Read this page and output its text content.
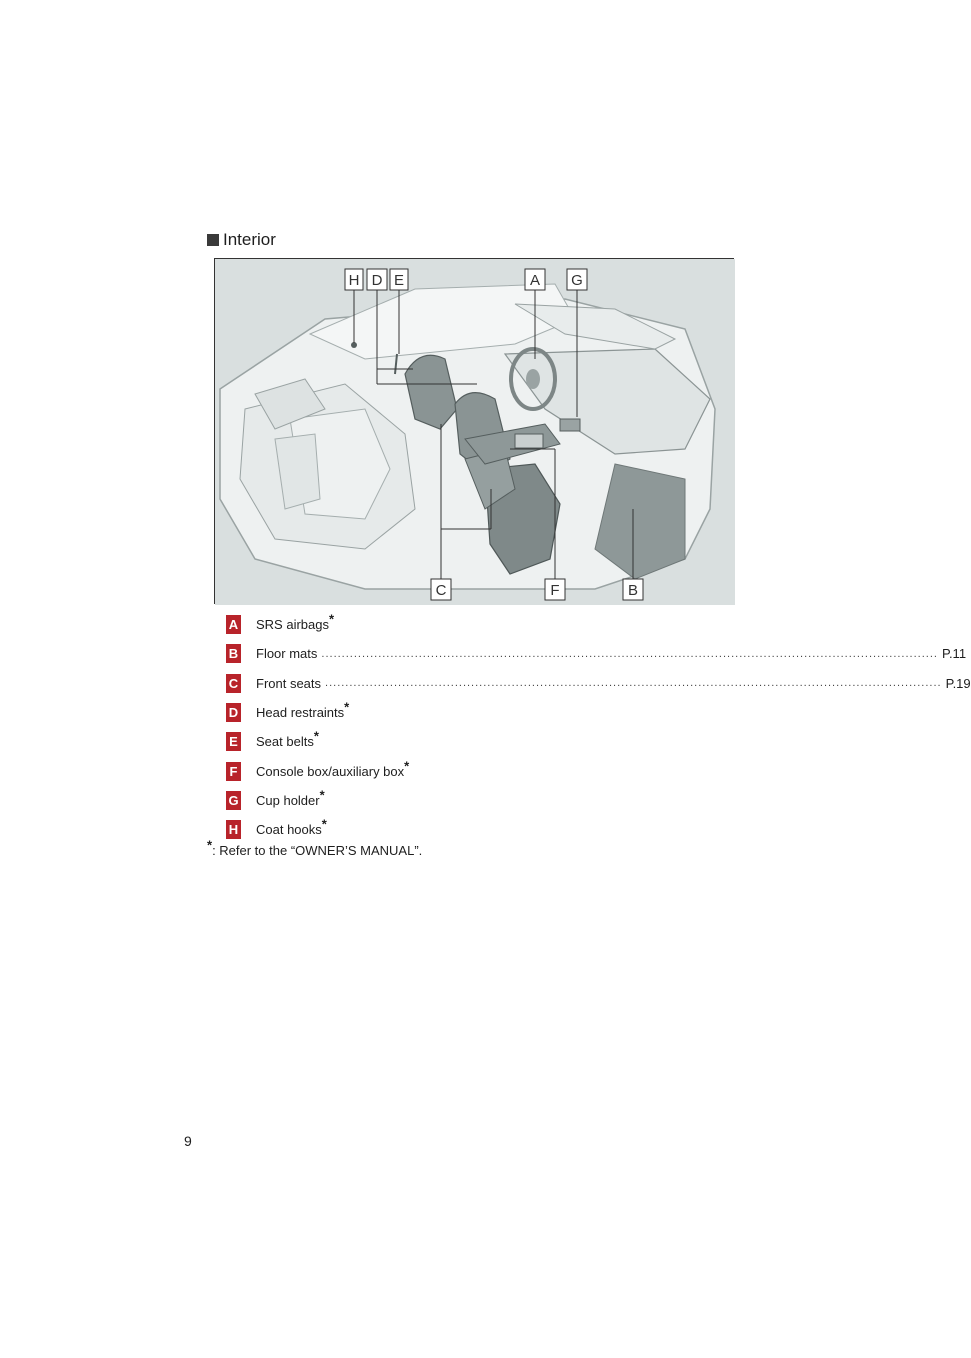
Interior
H D E	A G
C	F	B
A SRS airbags*
B Floor mats ........................................................................................................................................................ P.11
C Front seats ........................................................................................................................................................ P.19
D Head restraints*
E Seat belts*
F Console box/auxiliary box*
G Cup holder*
H Coat hooks*
*: Refer to the “OWNER’S MANUAL”.
9
